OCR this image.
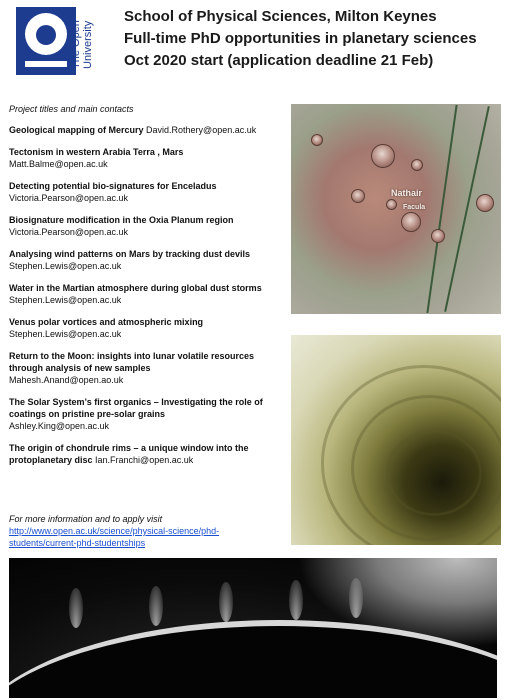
The Open University
School of Physical Sciences, Milton Keynes
Full-time PhD opportunities in planetary sciences
Oct 2020 start (application deadline 21 Feb)
Project titles and main contacts
Geological mapping of Mercury David.Rothery@open.ac.uk
Tectonism in western Arabia Terra , Mars
Matt.Balme@open.ac.uk
Detecting potential bio-signatures for Enceladus
Victoria.Pearson@open.ac.uk
Biosignature modification in the Oxia Planum region
Victoria.Pearson@open.ac.uk
Analysing wind patterns on Mars by tracking dust devils
Stephen.Lewis@open.ac.uk
Water in the Martian atmosphere during global dust storms Stephen.Lewis@open.ac.uk
Venus polar vortices and atmospheric mixing
Stephen.Lewis@open.ac.uk
Return to the Moon: insights into lunar volatile resources through analysis of new samples
Mahesh.Anand@open.ao.uk
The Solar System’s first organics – Investigating the role of coatings on pristine pre-solar grains
Ashley.King@open.ac.uk
The origin of chondrule rims – a unique window into the protoplanetary disc Ian.Franchi@open.ac.uk
For more information and to apply visit
http://www.open.ac.uk/science/physical-science/phd-
students/current-phd-studentships
Nathair
Facula
